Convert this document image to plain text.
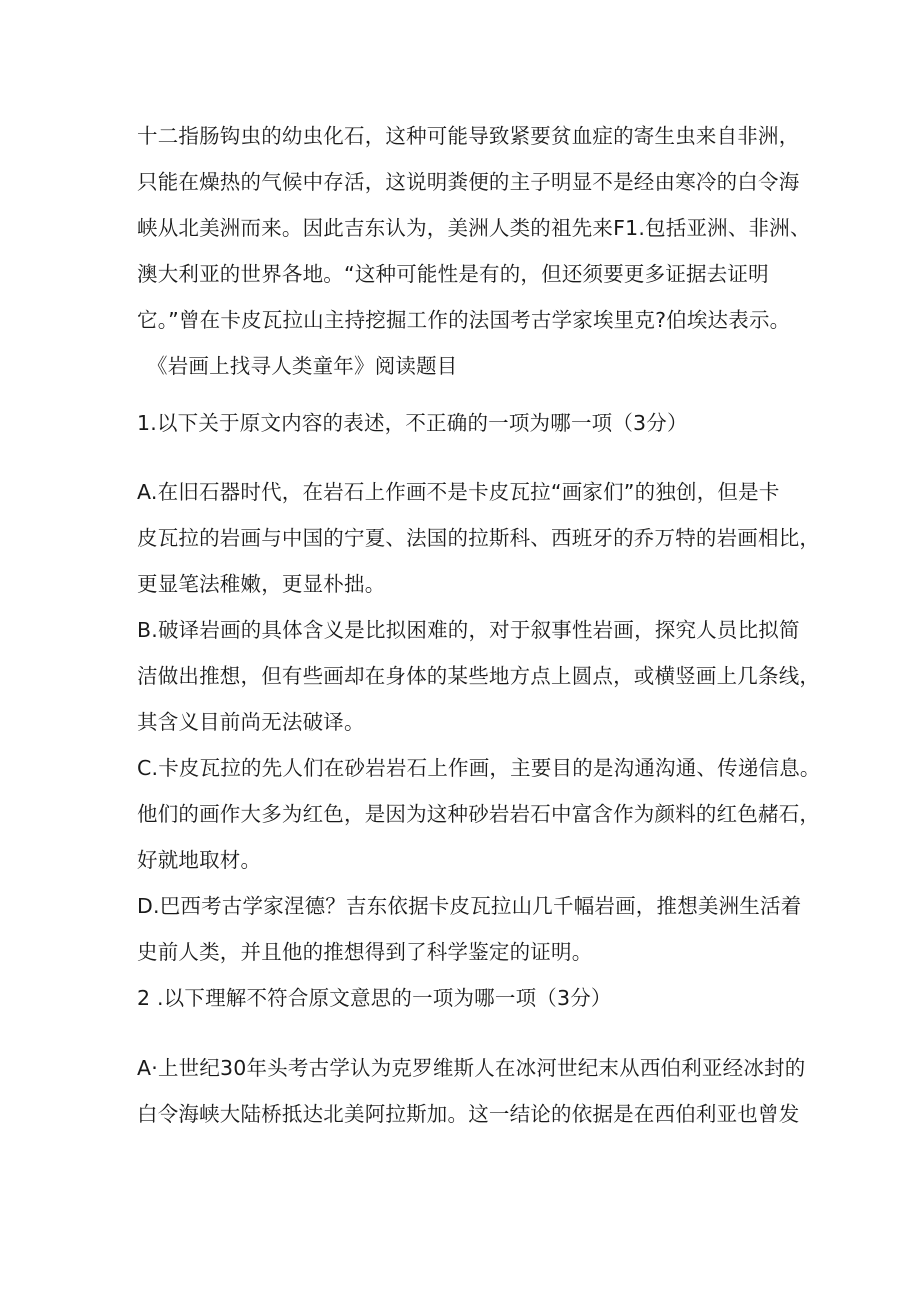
十二指肠钩虫的幼虫化石，这种可能导致紧要贫血症的寄生虫来自非洲，
只能在燥热的气候中存活，这说明粪便的主子明显不是经由寒冷的白令海
峡从北美洲而来。因此吉东认为，美洲人类的祖先来F1.包括亚洲、非洲、
澳大利亚的世界各地。“这种可能性是有的，但还须要更多证据去证明
它。”曾在卡皮瓦拉山主持挖掘工作的法国考古学家埃里克?伯埃达表示。
《岩画上找寻人类童年》阅读题目
1.以下关于原文内容的表述，不正确的一项为哪一项（3分）
A.在旧石器时代，在岩石上作画不是卡皮瓦拉“画家们”的独创，但是卡
皮瓦拉的岩画与中国的宁夏、法国的拉斯科、西班牙的乔万特的岩画相比，
更显笔法稚嫩，更显朴拙。
B.破译岩画的具体含义是比拟困难的，对于叙事性岩画，探究人员比拟简
洁做出推想，但有些画却在身体的某些地方点上圆点，或横竖画上几条线，
其含义目前尚无法破译。
C.卡皮瓦拉的先人们在砂岩岩石上作画，主要目的是沟通沟通、传递信息。
他们的画作大多为红色，是因为这种砂岩岩石中富含作为颜料的红色赭石，
好就地取材。
D.巴西考古学家涅德？吉东依据卡皮瓦拉山几千幅岩画，推想美洲生活着
史前人类，并且他的推想得到了科学鉴定的证明。
2 .以下理解不符合原文意思的一项为哪一项（3分）
A·上世纪30年头考古学认为克罗维斯人在冰河世纪末从西伯利亚经冰封的
白令海峡大陆桥抵达北美阿拉斯加。这一结论的依据是在西伯利亚也曾发
